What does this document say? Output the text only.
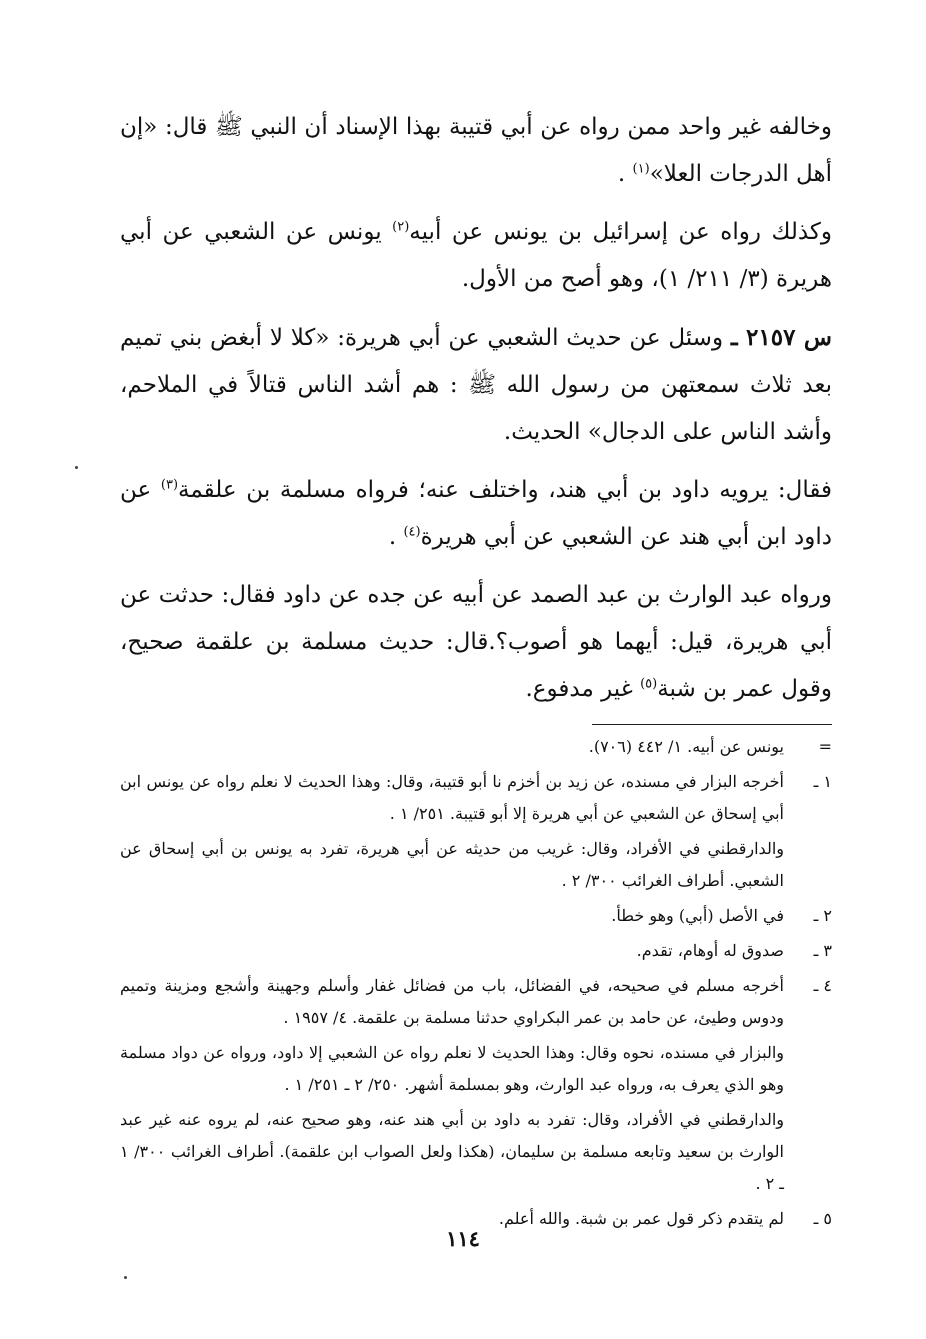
وخالفه غير واحد ممن رواه عن أبي قتيبة بهذا الإسناد أن النبي ﷺ قال: «إن أهل الدرجات العلا»$^{(١)}$ .

وكذلك رواه عن إسرائيل بن يونس عن أبيه$^{(٢)}$ يونس عن الشعبي عن أبي هريرة (٣/ ٢١١/ ١)، وهو أصح من الأول.

س ٢١٥٧ ـ وسئل عن حديث الشعبي عن أبي هريرة: «كلا لا أبغض بني تميم بعد ثلاث سمعتهن من رسول الله ﷺ : هم أشد الناس قتالاً في الملاحم، وأشد الناس على الدجال» الحديث.

فقال: يرويه داود بن أبي هند، واختلف عنه؛ فرواه مسلمة بن علقمة$^{(٣)}$ عن داود ابن أبي هند عن الشعبي عن أبي هريرة$^{(٤)}$ .

ورواه عبد الوارث بن عبد الصمد عن أبيه عن جده عن داود فقال: حدثت عن أبي هريرة، قيل: أيهما هو أصوب؟.قال: حديث مسلمة بن علقمة صحيح، وقول عمر بن شبة$^{(٥)}$ غير مدفوع.

=

يونس عن أبيه. ١/ ٤٤٢ (٧٠٦).

١ ـ

أخرجه البزار في مسنده، عن زيد بن أخزم نا أبو قتيبة، وقال: وهذا الحديث لا نعلم رواه عن يونس ابن أبي إسحاق عن الشعبي عن أبي هريرة إلا أبو قتيبة. ٢٥١/ ١ .

والدارقطني في الأفراد، وقال: غريب من حديثه عن أبي هريرة، تفرد به يونس بن أبي إسحاق عن الشعبي. أطراف الغرائب ٣٠٠/ ٢ .

٢ ـ

في الأصل (أبي) وهو خطأ.

٣ ـ

صدوق له أوهام، تقدم.

٤ ـ

أخرجه مسلم في صحيحه، في الفضائل، باب من فضائل غفار وأسلم وجهينة وأشجع ومزينة وتميم ودوس وطيئ، عن حامد بن عمر البكراوي حدثنا مسلمة بن علقمة. ٤/ ١٩٥٧ .

والبزار في مسنده، نحوه وقال: وهذا الحديث لا نعلم رواه عن الشعبي إلا داود، ورواه عن دواد مسلمة وهو الذي يعرف به، ورواه عبد الوارث، وهو بمسلمة أشهر. ٢٥٠/ ٢ ـ ٢٥١/ ١ .

والدارقطني في الأفراد، وقال: تفرد به داود بن أبي هند عنه، وهو صحيح عنه، لم يروه عنه غير عبد الوارث بن سعيد وتابعه مسلمة بن سليمان، (هكذا ولعل الصواب ابن علقمة). أطراف الغرائب ٣٠٠/ ١ ـ ٢ .

٥ ـ

لم يتقدم ذكر قول عمر بن شبة. والله أعلم.

١١٤
